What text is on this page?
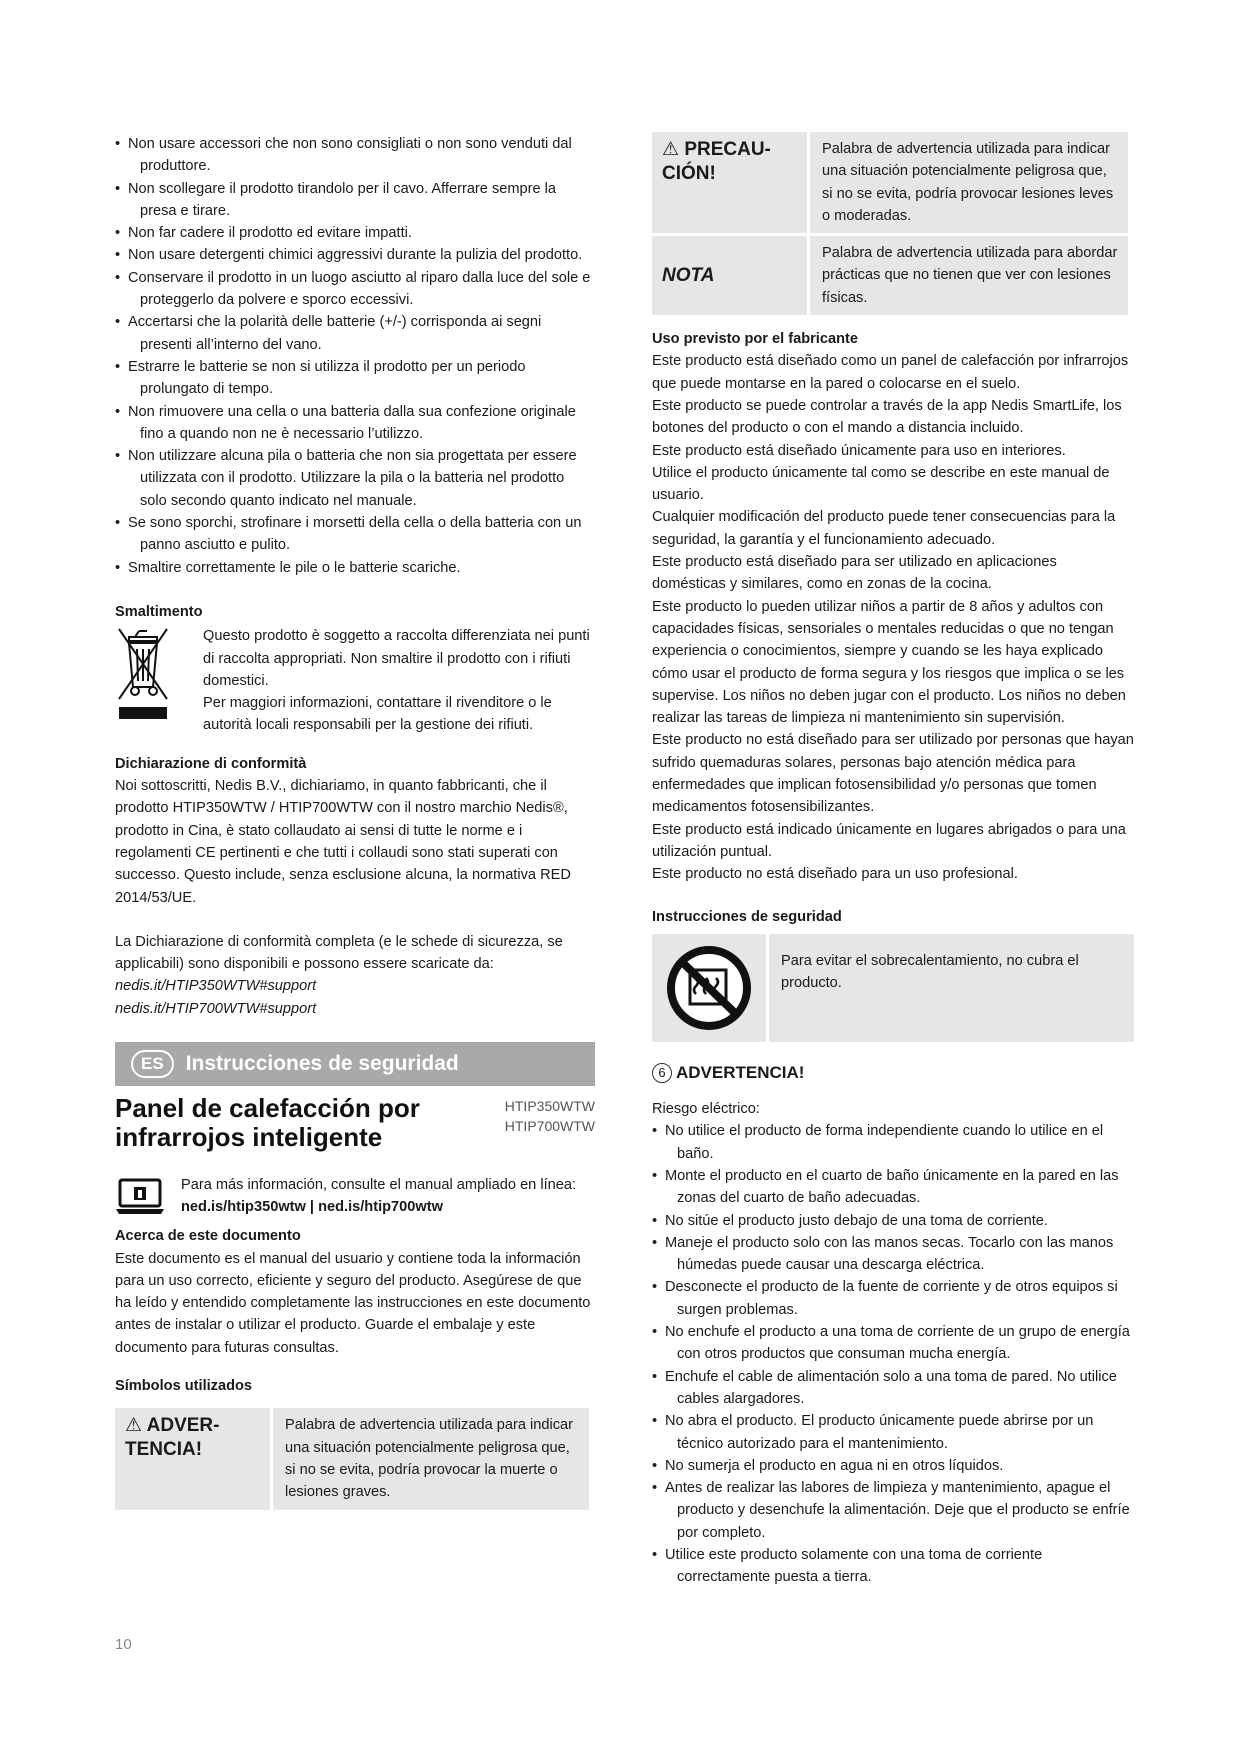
• Non usare accessori che non sono consigliati o non sono venduti dal produttore.
• Non scollegare il prodotto tirandolo per il cavo. Afferrare sempre la presa e tirare.
• Non far cadere il prodotto ed evitare impatti.
• Non usare detergenti chimici aggressivi durante la pulizia del prodotto.
• Conservare il prodotto in un luogo asciutto al riparo dalla luce del sole e proteggerlo da polvere e sporco eccessivi.
• Accertarsi che la polarità delle batterie (+/-) corrisponda ai segni presenti all’interno del vano.
• Estrarre le batterie se non si utilizza il prodotto per un periodo prolungato di tempo.
• Non rimuovere una cella o una batteria dalla sua confezione originale fino a quando non ne è necessario l’utilizzo.
• Non utilizzare alcuna pila o batteria che non sia progettata per essere utilizzata con il prodotto. Utilizzare la pila o la batteria nel prodotto solo secondo quanto indicato nel manuale.
• Se sono sporchi, strofinare i morsetti della cella o della batteria con un panno asciutto e pulito.
• Smaltire correttamente le pile o le batterie scariche.

Smaltimento

Questo prodotto è soggetto a raccolta differenziata nei punti di raccolta appropriati. Non smaltire il prodotto con i rifiuti domestici.

Per maggiori informazioni, contattare il rivenditore o le autorità locali responsabili per la gestione dei rifiuti.

Dichiarazione di conformità

Noi sottoscritti, Nedis B.V., dichiariamo, in quanto fabbricanti, che il prodotto HTIP350WTW / HTIP700WTW con il nostro marchio Nedis®, prodotto in Cina, è stato collaudato ai sensi di tutte le norme e i regolamenti CE pertinenti e che tutti i collaudi sono stati superati con successo. Questo include, senza esclusione alcuna, la normativa RED 2014/53/UE.

La Dichiarazione di conformità completa (e le schede di sicurezza, se applicabili) sono disponibili e possono essere scaricate da:

nedis.it/HTIP350WTW#support

nedis.it/HTIP700WTW#support

ES	Instrucciones de seguridad
Panel de calefacción por infrarrojos inteligente
HTIP350WTW
HTIP700WTW

Para más información, consulte el manual ampliado en línea:

ned.is/htip350wtw | ned.is/htip700wtw

Acerca de este documento

Este documento es el manual del usuario y contiene toda la información para un uso correcto, eficiente y seguro del producto. Asegúrese de que ha leído y entendido completamente las instrucciones en este documento antes de instalar o utilizar el producto. Guarde el embalaje y este documento para futuras consultas.

Símbolos utilizados

⚠ ADVER-TENCIA!	Palabra de advertencia utilizada para indicar una situación potencialmente peligrosa que, si no se evita, podría provocar la muerte o lesiones graves.
⚠ PRECAU-CIÓN!	Palabra de advertencia utilizada para indicar una situación potencialmente peligrosa que, si no se evita, podría provocar lesiones leves o moderadas.
NOTA	Palabra de advertencia utilizada para abordar prácticas que no tienen que ver con lesiones físicas.

Uso previsto por el fabricante

Este producto está diseñado como un panel de calefacción por infrarrojos que puede montarse en la pared o colocarse en el suelo.

Este producto se puede controlar a través de la app Nedis SmartLife, los botones del producto o con el mando a distancia incluido.

Este producto está diseñado únicamente para uso en interiores.

Utilice el producto únicamente tal como se describe en este manual de usuario.

Cualquier modificación del producto puede tener consecuencias para la seguridad, la garantía y el funcionamiento adecuado.

Este producto está diseñado para ser utilizado en aplicaciones domésticas y similares, como en zonas de la cocina.

Este producto lo pueden utilizar niños a partir de 8 años y adultos con capacidades físicas, sensoriales o mentales reducidas o que no tengan experiencia o conocimientos, siempre y cuando se les haya explicado cómo usar el producto de forma segura y los riesgos que implica o se les supervise. Los niños no deben jugar con el producto. Los niños no deben realizar las tareas de limpieza ni mantenimiento sin supervisión.

Este producto no está diseñado para ser utilizado por personas que hayan sufrido quemaduras solares, personas bajo atención médica para enfermedades que implican fotosensibilidad y/o personas que tomen medicamentos fotosensibilizantes.

Este producto está indicado únicamente en lugares abrigados o para una utilización puntual.

Este producto no está diseñado para un uso profesional.

Instrucciones de seguridad

Para evitar el sobrecalentamiento, no cubra el producto.
6 ADVERTENCIA!

Riesgo eléctrico:

• No utilice el producto de forma independiente cuando lo utilice en el baño.
• Monte el producto en el cuarto de baño únicamente en la pared en las zonas del cuarto de baño adecuadas.
• No sitúe el producto justo debajo de una toma de corriente.
• Maneje el producto solo con las manos secas. Tocarlo con las manos húmedas puede causar una descarga eléctrica.
• Desconecte el producto de la fuente de corriente y de otros equipos si surgen problemas.
• No enchufe el producto a una toma de corriente de un grupo de energía con otros productos que consuman mucha energía.
• Enchufe el cable de alimentación solo a una toma de pared. No utilice cables alargadores.
• No abra el producto. El producto únicamente puede abrirse por un técnico autorizado para el mantenimiento.
• No sumerja el producto en agua ni en otros líquidos.
• Antes de realizar las labores de limpieza y mantenimiento, apague el producto y desenchufe la alimentación. Deje que el producto se enfríe por completo.
• Utilice este producto solamente con una toma de corriente correctamente puesta a tierra.
10
